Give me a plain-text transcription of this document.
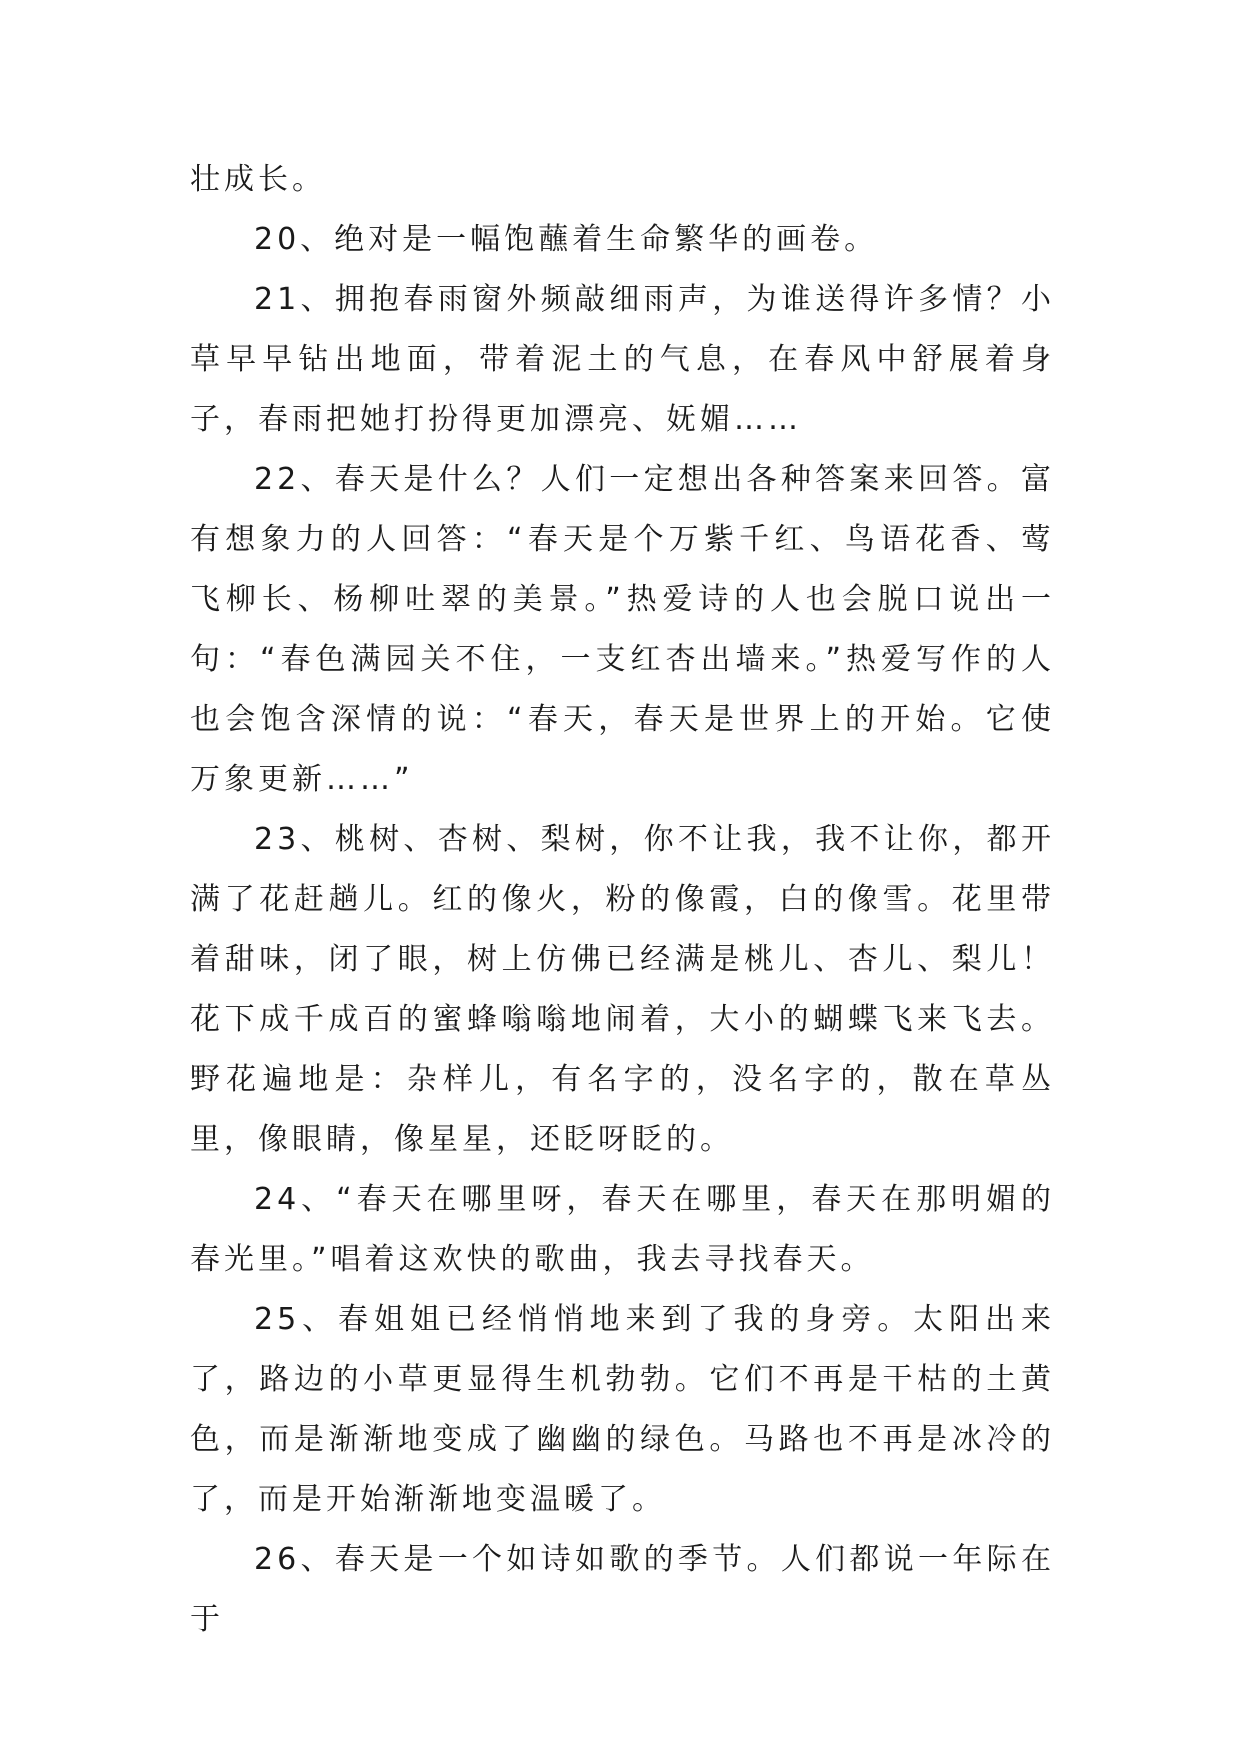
壮成长。

20、绝对是一幅饱蘸着生命繁华的画卷。

21、拥抱春雨窗外频敲细雨声，为谁送得许多情？小草早早钻出地面，带着泥土的气息，在春风中舒展着身子，春雨把她打扮得更加漂亮、妩媚……

22、春天是什么？人们一定想出各种答案来回答。富有想象力的人回答：“春天是个万紫千红、鸟语花香、莺飞柳长、杨柳吐翠的美景。”热爱诗的人也会脱口说出一句：“春色满园关不住，一支红杏出墙来。”热爱写作的人也会饱含深情的说：“春天，春天是世界上的开始。它使万象更新……”

23、桃树、杏树、梨树，你不让我，我不让你，都开满了花赶趟儿。红的像火，粉的像霞，白的像雪。花里带着甜味，闭了眼，树上仿佛已经满是桃儿、杏儿、梨儿！花下成千成百的蜜蜂嗡嗡地闹着，大小的蝴蝶飞来飞去。野花遍地是：杂样儿，有名字的，没名字的，散在草丛里，像眼睛，像星星，还眨呀眨的。

24、“春天在哪里呀，春天在哪里，春天在那明媚的春光里。”唱着这欢快的歌曲，我去寻找春天。

25、春姐姐已经悄悄地来到了我的身旁。太阳出来了，路边的小草更显得生机勃勃。它们不再是干枯的土黄色，而是渐渐地变成了幽幽的绿色。马路也不再是冰冷的了，而是开始渐渐地变温暖了。

26、春天是一个如诗如歌的季节。人们都说一年际在于
